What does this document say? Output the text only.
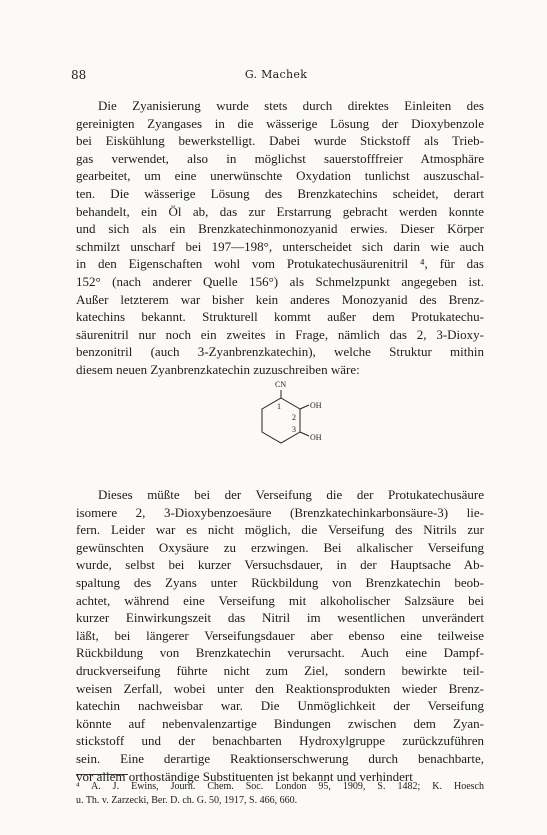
88	G. Machek
Die Zyanisierung wurde stets durch direktes Einleiten des
gereinigten Zyangases in die wässerige Lösung der Dioxybenzole
bei Eiskühlung bewerkstelligt. Dabei wurde Stickstoff als Trieb-
gas verwendet, also in möglichst sauerstofffreier Atmosphäre
gearbeitet, um eine unerwünschte Oxydation tunlichst auszuschal-
ten. Die wässerige Lösung des Brenzkatechins scheidet, derart
behandelt, ein Öl ab, das zur Erstarrung gebracht werden konnte
und sich als ein Brenzkatechinmonozyanid erwies. Dieser Körper
schmilzt unscharf bei 197—198°, unterscheidet sich darin wie auch
in den Eigenschaften wohl vom Protukatechusäurenitril ⁴, für das
152° (nach anderer Quelle 156°) als Schmelzpunkt angegeben ist.
Außer letzterem war bisher kein anderes Monozyanid des Brenz-
katechins bekannt. Strukturell kommt außer dem Protukatechu-
säurenitril nur noch ein zweites in Frage, nämlich das 2, 3-Dioxy-
benzonitril (auch 3-Zyanbrenzkatechin), welche Struktur mithin
diesem neuen Zyanbrenzkatechin zuzuschreiben wäre:
CN
OH
OH
1
2
3
Dieses müßte bei der Verseifung die der Protukatechusäure
isomere 2, 3-Dioxybenzoesäure (Brenzkatechinkarbonsäure-3) lie-
fern. Leider war es nicht möglich, die Verseifung des Nitrils zur
gewünschten Oxysäure zu erzwingen. Bei alkalischer Verseifung
wurde, selbst bei kurzer Versuchsdauer, in der Hauptsache Ab-
spaltung des Zyans unter Rückbildung von Brenzkatechin beob-
achtet, während eine Verseifung mit alkoholischer Salzsäure bei
kurzer Einwirkungszeit das Nitril im wesentlichen unverändert
läßt, bei längerer Verseifungsdauer aber ebenso eine teilweise
Rückbildung von Brenzkatechin verursacht. Auch eine Dampf-
druckverseifung führte nicht zum Ziel, sondern bewirkte teil-
weisen Zerfall, wobei unter den Reaktionsprodukten wieder Brenz-
katechin nachweisbar war. Die Unmöglichkeit der Verseifung
könnte auf nebenvalenzartige Bindungen zwischen dem Zyan-
stickstoff und der benachbarten Hydroxylgruppe zurückzuführen
sein. Eine derartige Reaktionserschwerung durch benachbarte,
vor allem orthoständige Substituenten ist bekannt und verhindert
⁴ A. J. Ewins, Journ. Chem. Soc. London 95, 1909, S. 1482; K. Hoesch
u. Th. v. Zarzecki, Ber. D. ch. G. 50, 1917, S. 466, 660.
